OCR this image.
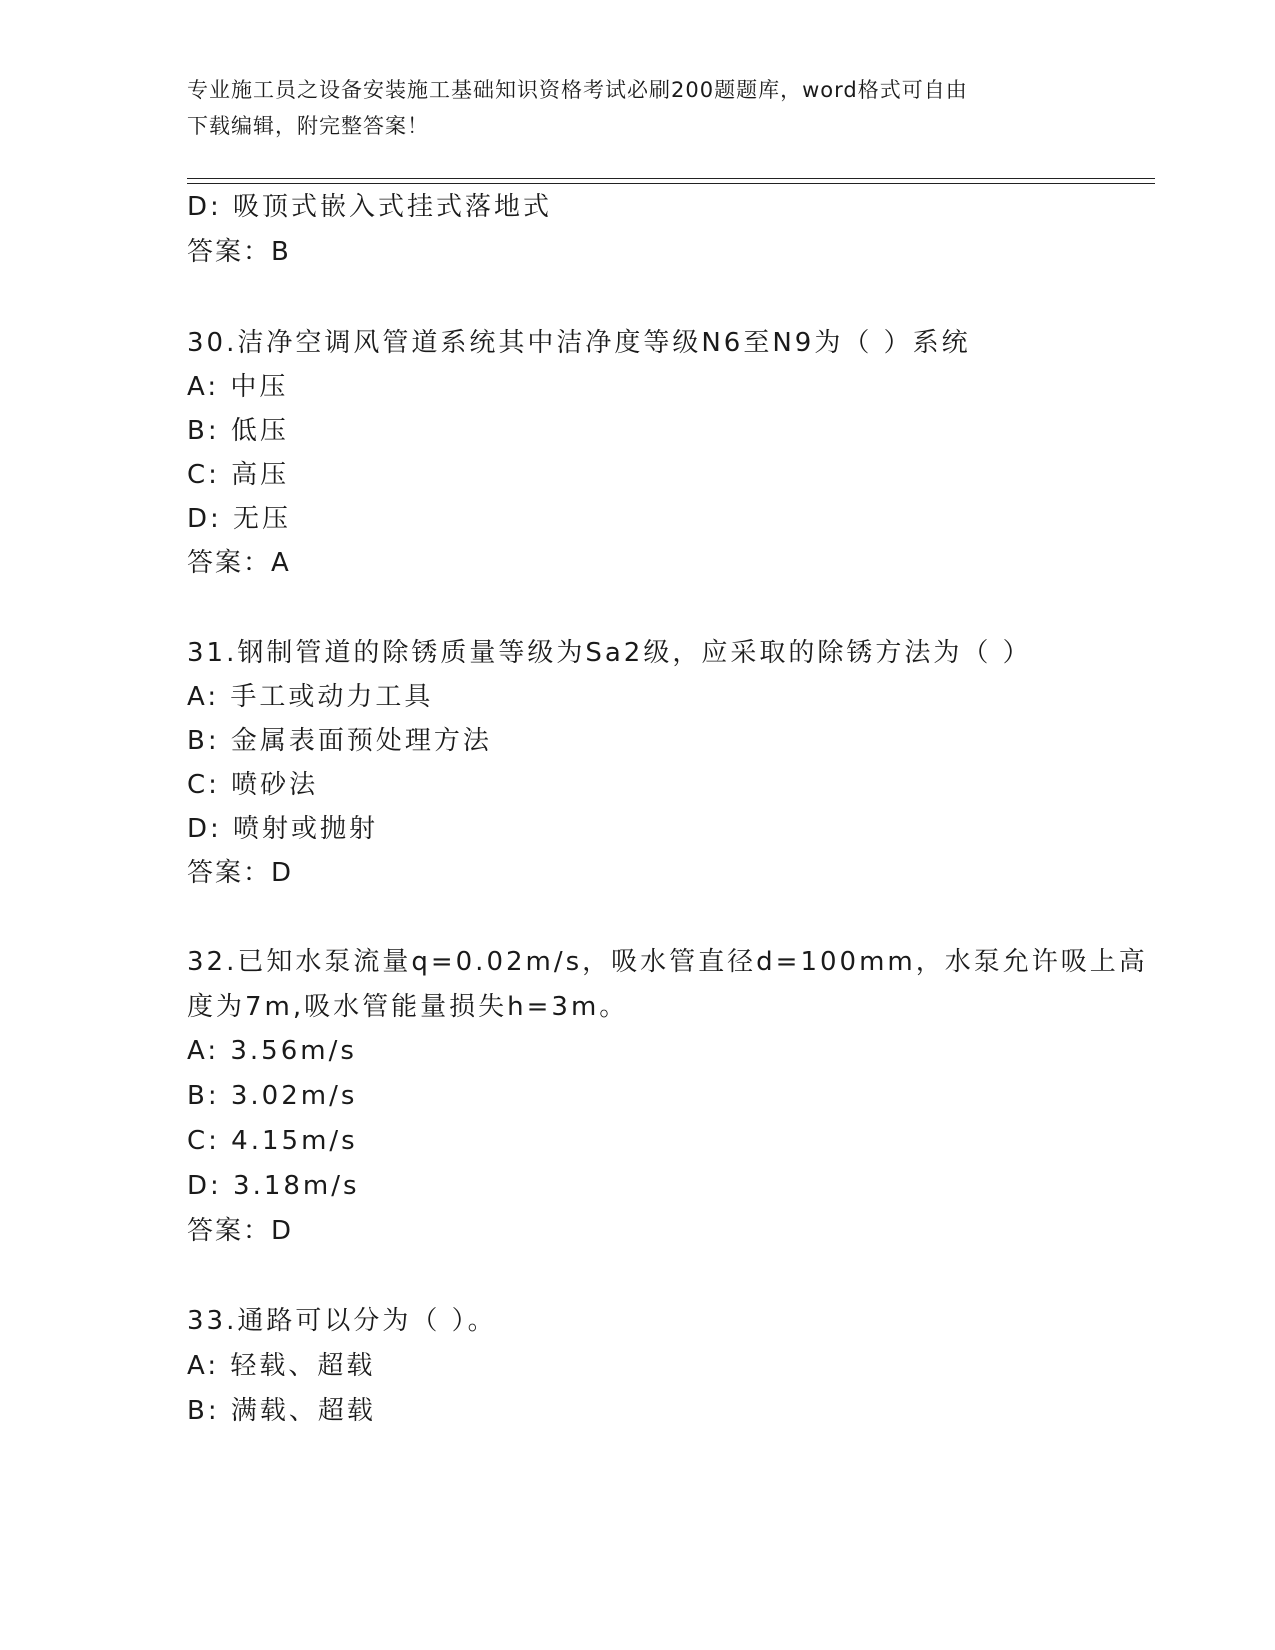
专业施工员之设备安装施工基础知识资格考试必刷200题题库，word格式可自由
下载编辑，附完整答案！
D: 吸顶式嵌入式挂式落地式
答案：B
30.洁净空调风管道系统其中洁净度等级N6至N9为（ ）系统
A: 中压
B: 低压
C: 高压
D: 无压
答案：A
31.钢制管道的除锈质量等级为Sa2级，应采取的除锈方法为（ ）
A: 手工或动力工具
B: 金属表面预处理方法
C: 喷砂法
D: 喷射或抛射
答案：D
32.已知水泵流量q=0.02m/s，吸水管直径d=100mm，水泵允许吸上高
度为7m,吸水管能量损失h=3m。
A: 3.56m/s
B: 3.02m/s
C: 4.15m/s
D: 3.18m/s
答案：D
33.通路可以分为（ ）。
A: 轻载、超载
B: 满载、超载
